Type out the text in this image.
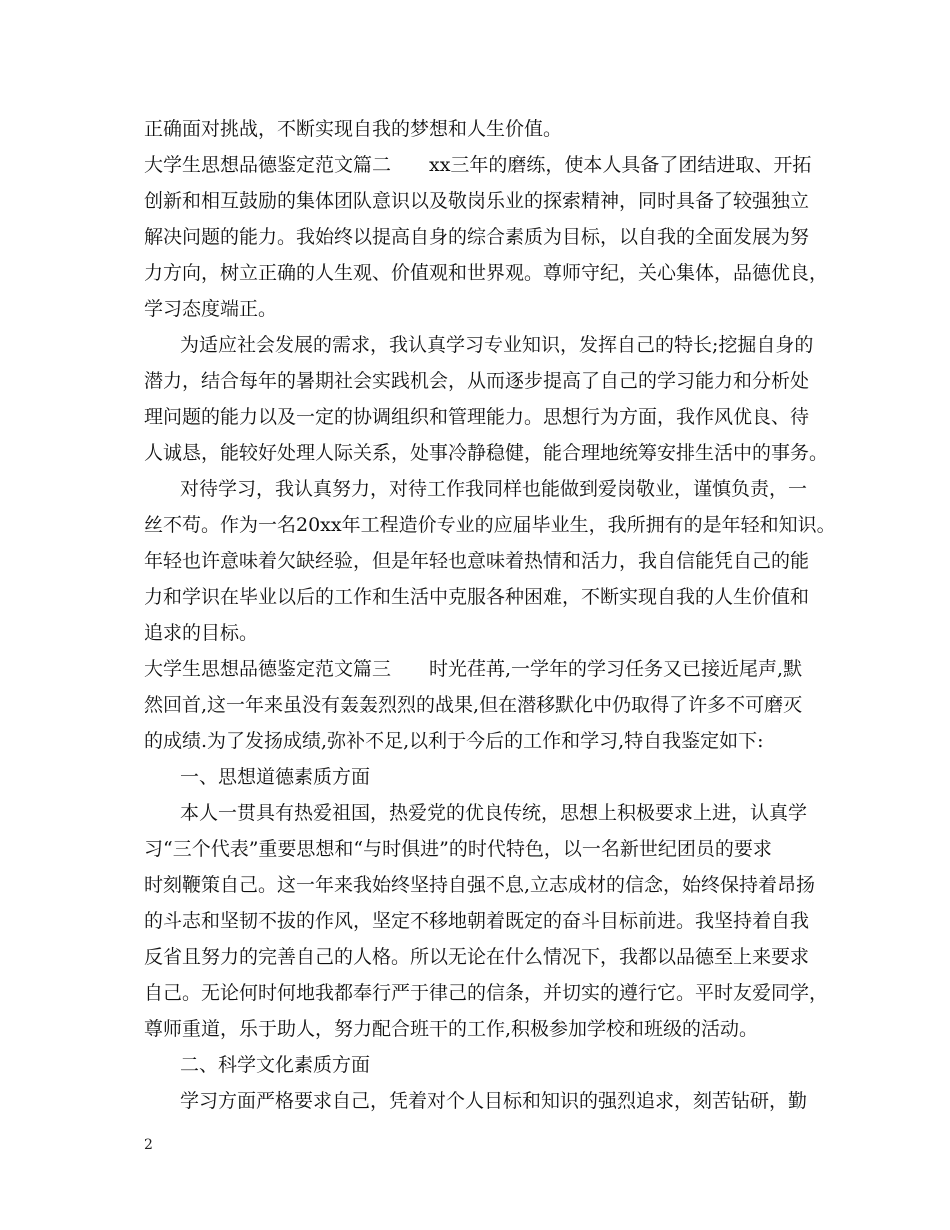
正确面对挑战，不断实现自我的梦想和人生价值。
大学生思想品德鉴定范文篇二　　xx三年的磨练，使本人具备了团结进取、开拓
创新和相互鼓励的集体团队意识以及敬岗乐业的探索精神，同时具备了较强独立
解决问题的能力。我始终以提高自身的综合素质为目标，以自我的全面发展为努
力方向，树立正确的人生观、价值观和世界观。尊师守纪，关心集体，品德优良，
学习态度端正。
为适应社会发展的需求，我认真学习专业知识，发挥自己的特长;挖掘自身的
潜力，结合每年的暑期社会实践机会，从而逐步提高了自己的学习能力和分析处
理问题的能力以及一定的协调组织和管理能力。思想行为方面，我作风优良、待
人诚恳，能较好处理人际关系，处事冷静稳健，能合理地统筹安排生活中的事务。
对待学习，我认真努力，对待工作我同样也能做到爱岗敬业，谨慎负责，一
丝不苟。作为一名20xx年工程造价专业的应届毕业生，我所拥有的是年轻和知识。
年轻也许意味着欠缺经验，但是年轻也意味着热情和活力，我自信能凭自己的能
力和学识在毕业以后的工作和生活中克服各种困难，不断实现自我的人生价值和
追求的目标。
大学生思想品德鉴定范文篇三　　时光荏苒,一学年的学习任务又已接近尾声,默
然回首,这一年来虽没有轰轰烈烈的战果,但在潜移默化中仍取得了许多不可磨灭
的成绩.为了发扬成绩,弥补不足,以利于今后的工作和学习,特自我鉴定如下:
一、思想道德素质方面
本人一贯具有热爱祖国，热爱党的优良传统，思想上积极要求上进，认真学
习“三个代表”重要思想和“与时俱进”的时代特色，以一名新世纪团员的要求
时刻鞭策自己。这一年来我始终坚持自强不息,立志成材的信念，始终保持着昂扬
的斗志和坚韧不拔的作风，坚定不移地朝着既定的奋斗目标前进。我坚持着自我
反省且努力的完善自己的人格。所以无论在什么情况下，我都以品德至上来要求
自己。无论何时何地我都奉行严于律己的信条，并切实的遵行它。平时友爱同学，
尊师重道，乐于助人，努力配合班干的工作,积极参加学校和班级的活动。
二、科学文化素质方面
学习方面严格要求自己，凭着对个人目标和知识的强烈追求，刻苦钻研，勤
2
